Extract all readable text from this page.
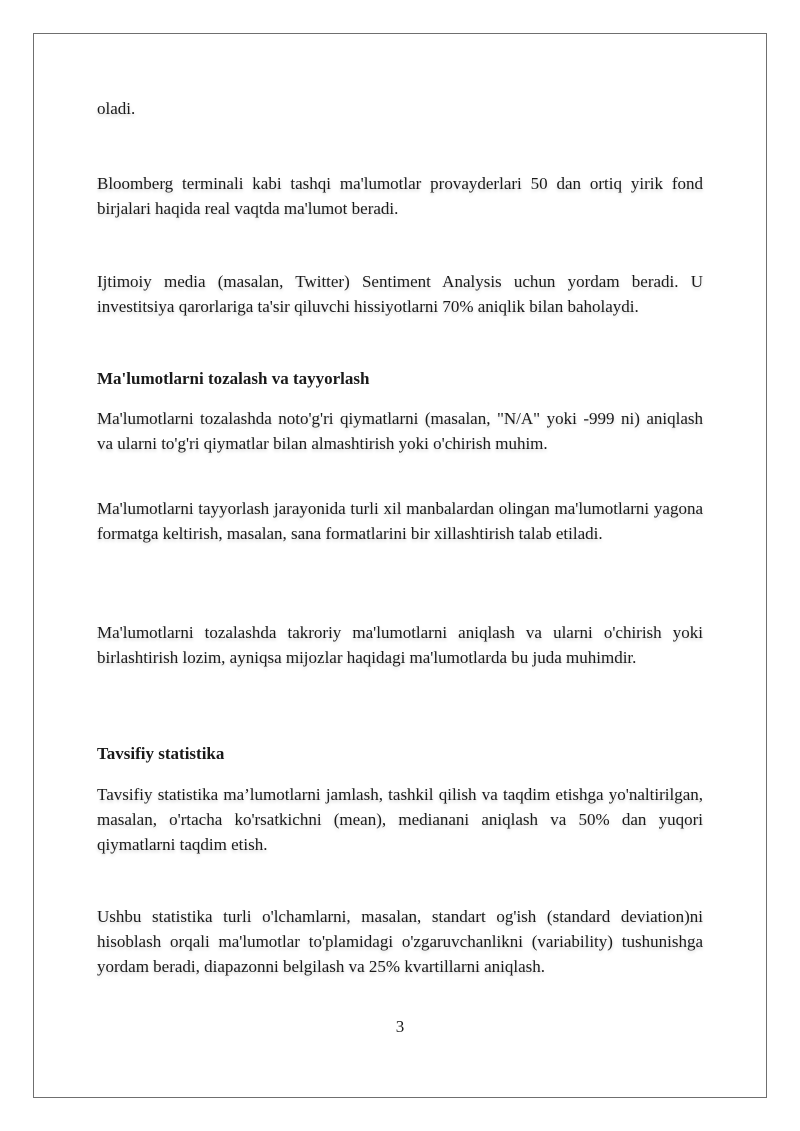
oladi.

Bloomberg terminali kabi tashqi ma'lumotlar provayderlari 50 dan ortiq yirik fond birjalari haqida real vaqtda ma'lumot beradi.

Ijtimoiy media (masalan, Twitter) Sentiment Analysis uchun yordam beradi. U investitsiya qarorlariga ta'sir qiluvchi hissiyotlarni 70% aniqlik bilan baholaydi.

Ma'lumotlarni tozalash va tayyorlash

Ma'lumotlarni tozalashda noto'g'ri qiymatlarni (masalan, "N/A" yoki -999 ni) aniqlash va ularni to'g'ri qiymatlar bilan almashtirish yoki o'chirish muhim.

Ma'lumotlarni tayyorlash jarayonida turli xil manbalardan olingan ma'lumotlarni yagona formatga keltirish, masalan, sana formatlarini bir xillashtirish talab etiladi.

Ma'lumotlarni tozalashda takroriy ma'lumotlarni aniqlash va ularni o'chirish yoki birlashtirish lozim, ayniqsa mijozlar haqidagi ma'lumotlarda bu juda muhimdir.

Tavsifiy statistika

Tavsifiy statistika ma’lumotlarni jamlash, tashkil qilish va taqdim etishga yo'naltirilgan, masalan, o'rtacha ko'rsatkichni (mean), medianani aniqlash va 50% dan yuqori qiymatlarni taqdim etish.

Ushbu statistika turli o'lchamlarni, masalan, standart og'ish (standard deviation)ni hisoblash orqali ma'lumotlar to'plamidagi o'zgaruvchanlikni (variability) tushunishga yordam beradi, diapazonni belgilash va 25% kvartillarni aniqlash.

3
